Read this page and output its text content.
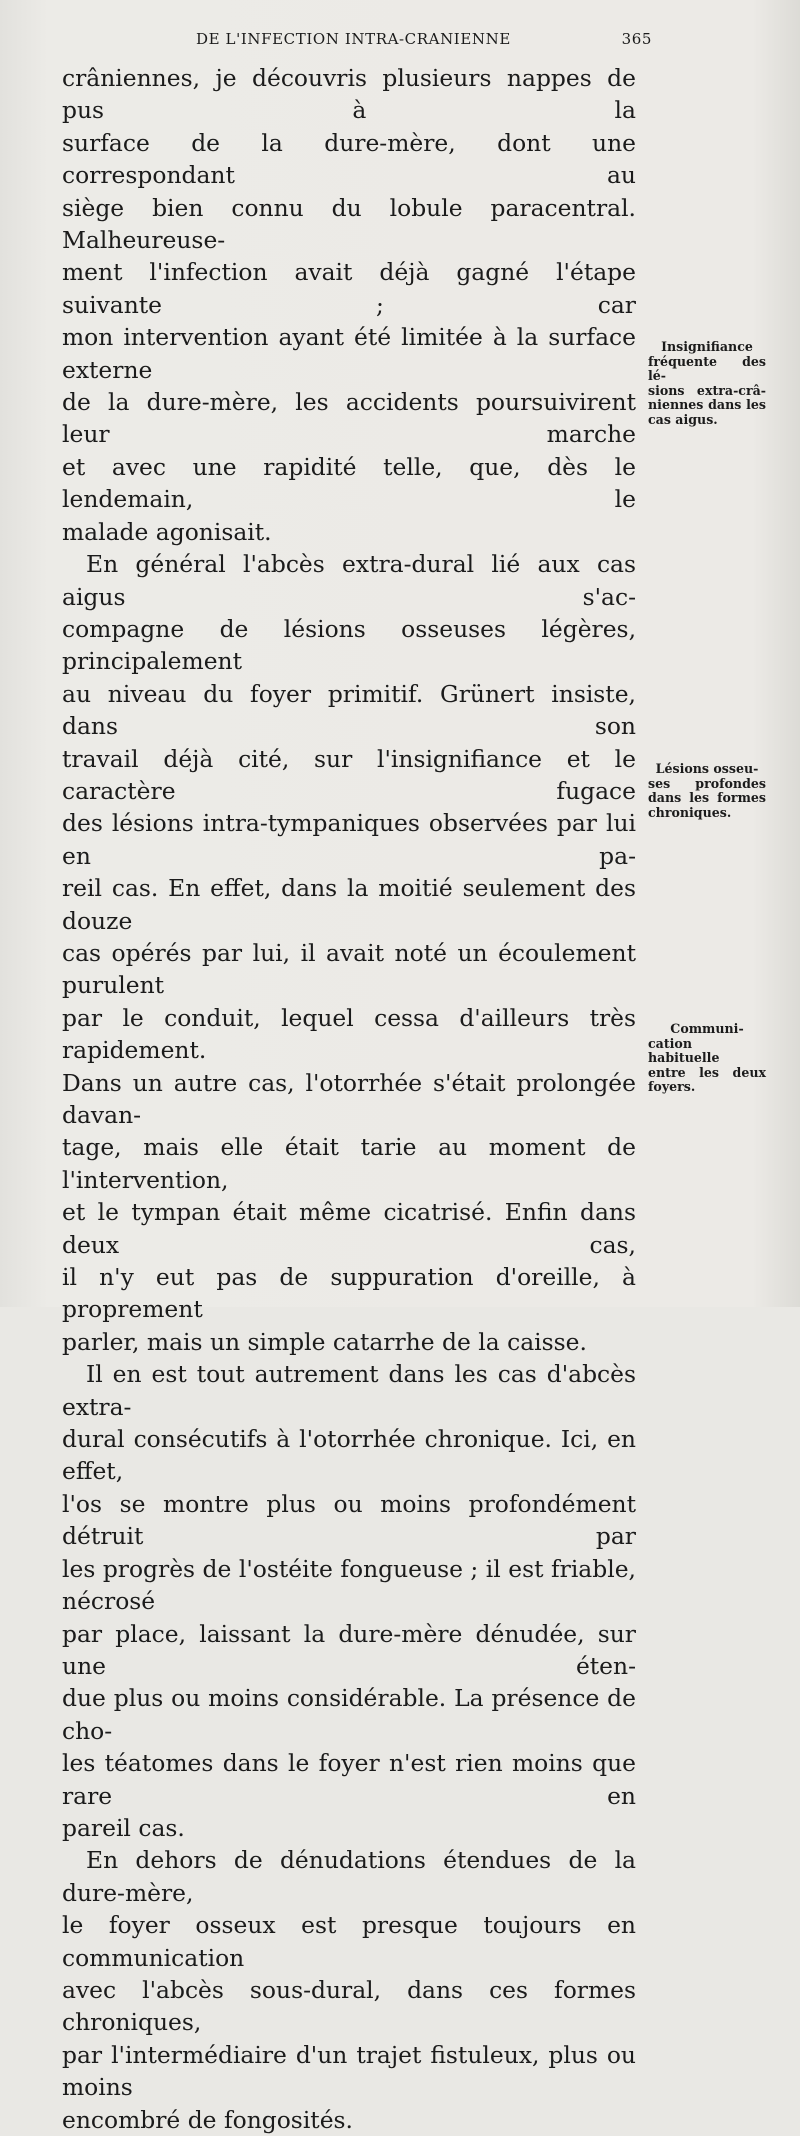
DE L'INFECTION INTRA-CRANIENNE	365

crâniennes, je découvris plusieurs nappes de pus à la
surface de la dure-mère, dont une correspondant au
siège bien connu du lobule paracentral. Malheureuse-
ment l'infection avait déjà gagné l'étape suivante ; car
mon intervention ayant été limitée à la surface externe
de la dure-mère, les accidents poursuivirent leur marche
et avec une rapidité telle, que, dès le lendemain, le
malade agonisait.

En général l'abcès extra-dural lié aux cas aigus s'ac-
compagne de lésions osseuses légères, principalement
au niveau du foyer primitif. Grünert insiste, dans son
travail déjà cité, sur l'insignifiance et le caractère fugace
des lésions intra-tympaniques observées par lui en pa-
reil cas. En effet, dans la moitié seulement des douze
cas opérés par lui, il avait noté un écoulement purulent
par le conduit, lequel cessa d'ailleurs très rapidement.
Dans un autre cas, l'otorrhée s'était prolongée davan-
tage, mais elle était tarie au moment de l'intervention,
et le tympan était même cicatrisé. Enfin dans deux cas,
il n'y eut pas de suppuration d'oreille, à proprement
parler, mais un simple catarrhe de la caisse.

Il en est tout autrement dans les cas d'abcès extra-
dural consécutifs à l'otorrhée chronique. Ici, en effet,
l'os se montre plus ou moins profondément détruit par
les progrès de l'ostéite fongueuse ; il est friable, nécrosé
par place, laissant la dure-mère dénudée, sur une éten-
due plus ou moins considérable. La présence de cho-
les téatomes dans le foyer n'est rien moins que rare en
pareil cas.

En dehors de dénudations étendues de la dure-mère,
le foyer osseux est presque toujours en communication
avec l'abcès sous-dural, dans ces formes chroniques,
par l'intermédiaire d'un trajet fistuleux, plus ou moins
encombré de fongosités.

Insignifiance
fréquente des lé-
sions extra-crâ-
niennes dans les
cas aigus.
Lésions osseu-
ses profondes
dans les formes
chroniques.
Communi-
cation habituelle
entre les deux
foyers.
